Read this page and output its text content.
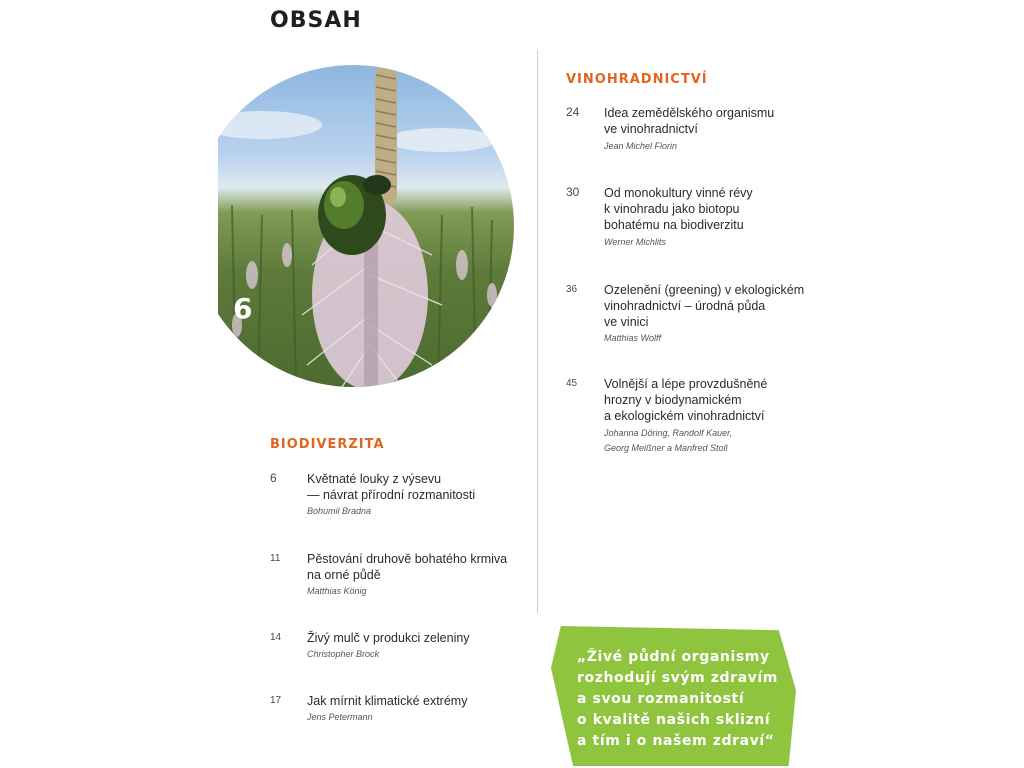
OBSAH
6
VINOHRADNICTVÍ
24 Idea zemědělského organismu
ve vinohradnictví
Jean Michel Florin
30 Od monokultury vinné révy
k vinohradu jako biotopu
bohatému na biodiverzitu
Werner Michlits
36 Ozelenění (greening) v ekologickém
vinohradnictví – úrodná půda
ve vinici
Matthias Wolff
45 Volnější a lépe provzdušněné
hrozny v biodynamickém
a ekologickém vinohradnictví
Johanna Döring, Randolf Kauer,
Georg Meißner a Manfred Stoll
BIODIVERZITA
6 Květnaté louky z výsevu
— návrat přírodní rozmanitosti
Bohumil Bradna
11 Pěstování druhově bohatého krmiva
na orné půdě
Matthias König
14 Živý mulč v produkci zeleniny
Christopher Brock
17 Jak mírnit klimatické extrémy
Jens Petermann
„Živé půdní organismy
rozhodují svým zdravím
a svou rozmanitostí
o kvalitě našich sklizní
a tím i o našem zdraví“
